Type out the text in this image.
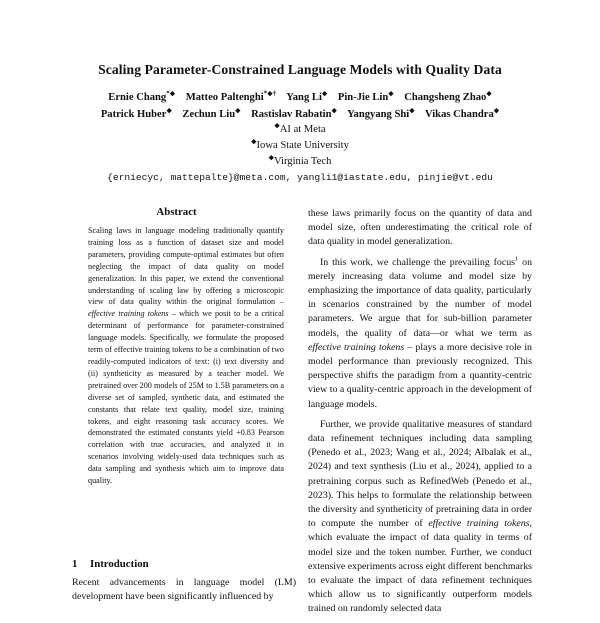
Scaling Parameter-Constrained Language Models with Quality Data
Ernie Chang*◆ Matteo Paltenghi*◆† Yang Li◆ Pin-Jie Lin◆ Changsheng Zhao◆
Patrick Huber◆ Zechun Liu◆ Rastislav Rabatin◆ Yangyang Shi◆ Vikas Chandra◆
◆AI at Meta
◆Iowa State University
◆Virginia Tech
{erniecyc, mattepalte}@meta.com, yangli1@iastate.edu, pinjie@vt.edu
Abstract
Scaling laws in language modeling traditionally quantify training loss as a function of dataset size and model parameters, providing compute-optimal estimates but often neglecting the impact of data quality on model generalization. In this paper, we extend the conventional understanding of scaling law by offering a microscopic view of data quality within the original formulation – effective training tokens – which we posit to be a critical determinant of performance for parameter-constrained language models. Specifically, we formulate the proposed term of effective training tokens to be a combination of two readily-computed indicators of text: (i) text diversity and (ii) syntheticity as measured by a teacher model. We pretrained over 200 models of 25M to 1.5B parameters on a diverse set of sampled, synthetic data, and estimated the constants that relate text quality, model size, training tokens, and eight reasoning task accuracy scores. We demonstrated the estimated constants yield +0.83 Pearson correlation with true accuracies, and analyzed it in scenarios involving widely-used data techniques such as data sampling and synthesis which aim to improve data quality.
1 Introduction

Recent advancements in language model (LM) development have been significantly influenced by

these laws primarily focus on the quantity of data and model size, often underestimating the critical role of data quality in model generalization.

In this work, we challenge the prevailing focus$^1$ on merely increasing data volume and model size by emphasizing the importance of data quality, particularly in scenarios constrained by the number of model parameters. We argue that for sub-billion parameter models, the quality of data—or what we term as effective training tokens – plays a more decisive role in model performance than previously recognized. This perspective shifts the paradigm from a quantity-centric view to a quality-centric approach in the development of language models.

Further, we provide qualitative measures of standard data refinement techniques including data sampling (Penedo et al., 2023; Wang et al., 2024; Albalak et al., 2024) and text synthesis (Liu et al., 2024), applied to a pretraining corpus such as RefinedWeb (Penedo et al., 2023). This helps to formulate the relationship between the diversity and syntheticity of pretraining data in order to compute the number of effective training tokens, which evaluate the impact of data quality in terms of model size and the token number. Further, we conduct extensive experiments across eight different benchmarks to evaluate the impact of data refinement techniques which allow us to significantly outperform models trained on randomly selected data
